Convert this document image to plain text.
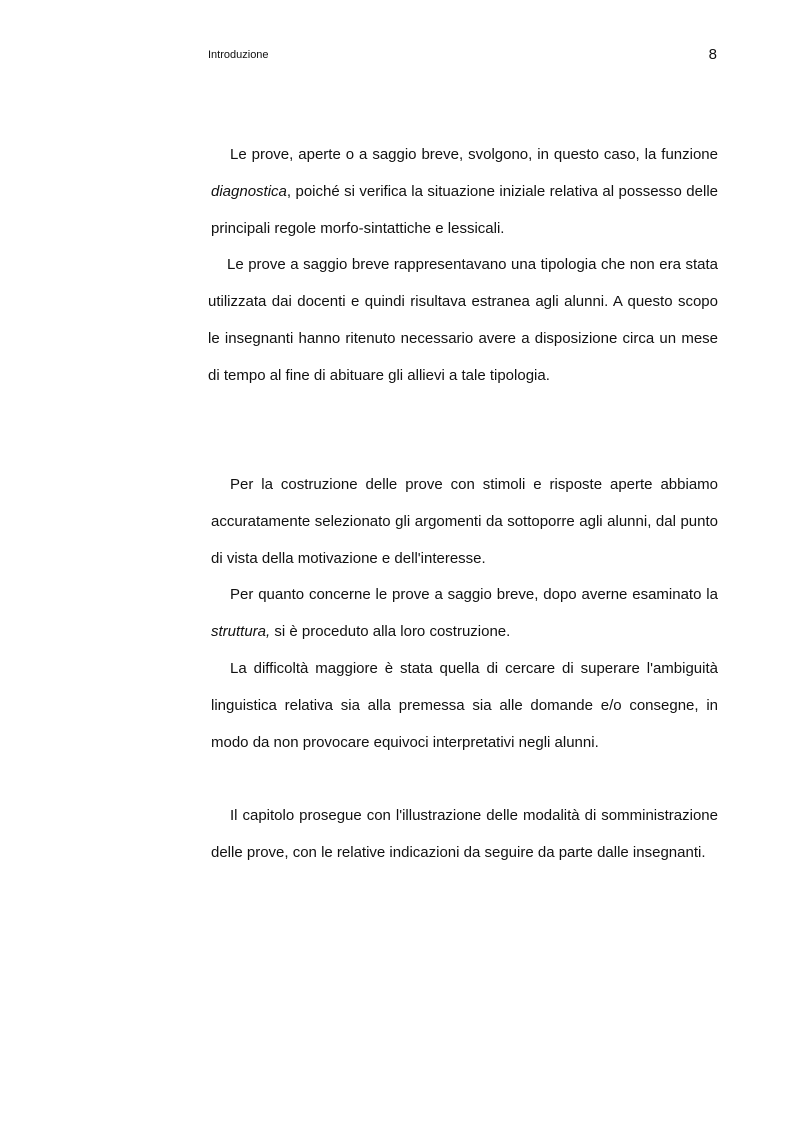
Introduzione	8

Le prove, aperte o a saggio breve, svolgono, in questo caso, la funzione diagnostica, poiché si verifica la situazione iniziale relativa al possesso delle principali regole morfo-sintattiche e lessicali.

Le prove a saggio breve rappresentavano una tipologia che non era stata utilizzata dai docenti e quindi risultava estranea agli alunni. A questo scopo le insegnanti hanno ritenuto necessario avere a disposizione circa un mese di tempo al fine di abituare gli allievi a tale tipologia.

Per la costruzione delle prove con stimoli e risposte aperte abbiamo accuratamente selezionato gli argomenti da sottoporre agli alunni, dal punto di vista della motivazione e dell'interesse.

Per quanto concerne le prove a saggio breve, dopo averne esaminato la struttura, si è proceduto alla loro costruzione.

La difficoltà maggiore è stata quella di cercare di superare l'ambiguità linguistica relativa sia alla premessa sia alle domande e/o consegne, in modo da non provocare equivoci interpretativi negli alunni.

Il capitolo prosegue con l'illustrazione delle modalità di somministrazione delle prove, con le relative indicazioni da seguire da parte dalle insegnanti.
